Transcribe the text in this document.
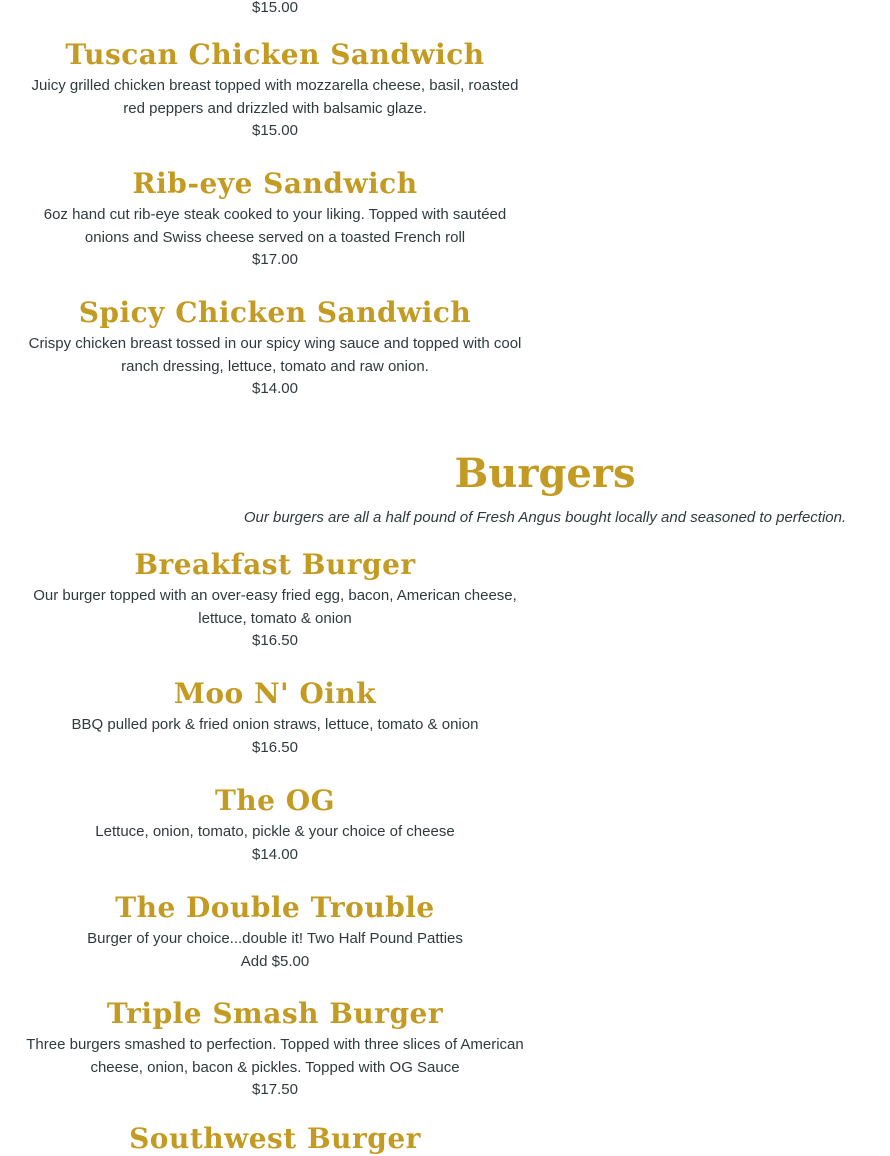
$15.00

Tuscan Chicken Sandwich

Juicy grilled chicken breast topped with mozzarella cheese, basil, roasted red peppers and drizzled with balsamic glaze.

$15.00

Rib-eye Sandwich

6oz hand cut rib-eye steak cooked to your liking. Topped with sautéed onions and Swiss cheese served on a toasted French roll

$17.00

Spicy Chicken Sandwich

Crispy chicken breast tossed in our spicy wing sauce and topped with cool ranch dressing, lettuce, tomato and raw onion.

$14.00

Burgers

Our burgers are all a half pound of Fresh Angus bought locally and seasoned to perfection.

Breakfast Burger

Our burger topped with an over-easy fried egg, bacon, American cheese, lettuce, tomato & onion

$16.50

Moo N' Oink

BBQ pulled pork & fried onion straws, lettuce, tomato & onion

$16.50

The OG

Lettuce, onion, tomato, pickle & your choice of cheese

$14.00

The Double Trouble

Burger of your choice...double it! Two Half Pound Patties

Add $5.00

Triple Smash Burger

Three burgers smashed to perfection. Topped with three slices of American cheese, onion, bacon & pickles. Topped with OG Sauce

$17.50

Southwest Burger
